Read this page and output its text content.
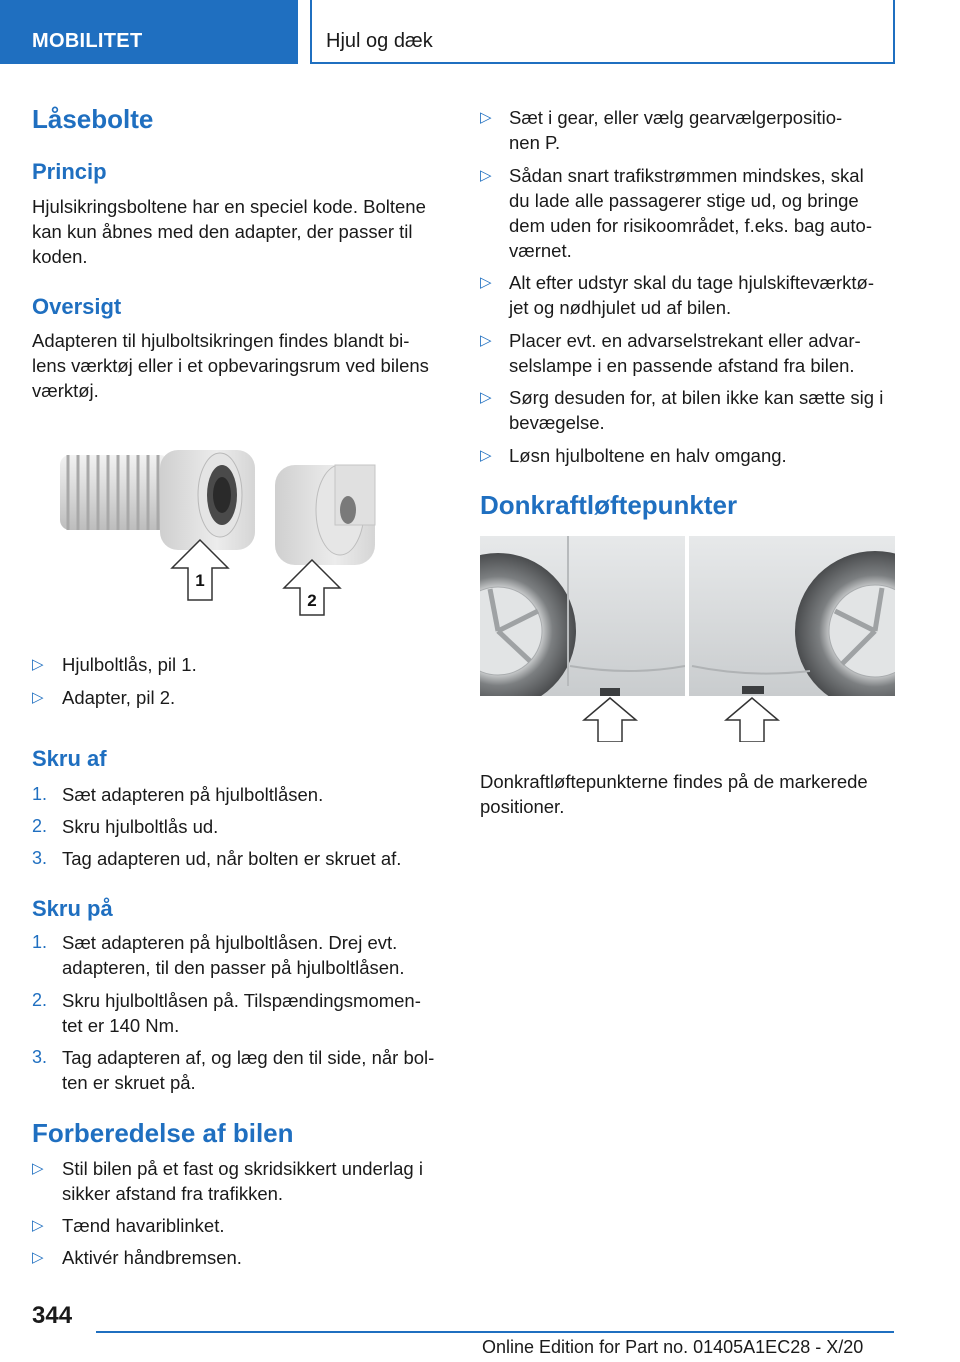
MOBILITET	Hjul og dæk
Låsebolte
Princip
Hjulsikringsboltene har en speciel kode. Boltene
kan kun åbnes med den adapter, der passer til
koden.
Oversigt
Adapteren til hjulboltsikringen findes blandt bi-
lens værktøj eller i et opbevaringsrum ved bilens
værktøj.
1
2
▷ Hjulboltlås, pil 1.
▷ Adapter, pil 2.
Skru af
1. Sæt adapteren på hjulboltlåsen.
2. Skru hjulboltlås ud.
3. Tag adapteren ud, når bolten er skruet af.
Skru på
1. Sæt adapteren på hjulboltlåsen. Drej evt.
adapteren, til den passer på hjulboltlåsen.
2. Skru hjulboltlåsen på. Tilspændingsmomen-
tet er 140 Nm.
3. Tag adapteren af, og læg den til side, når bol-
ten er skruet på.
Forberedelse af bilen
▷ Stil bilen på et fast og skridsikkert underlag i
sikker afstand fra trafikken.
▷ Tænd havariblinket.
▷ Aktivér håndbremsen.
▷ Sæt i gear, eller vælg gearvælgerpositio-
nen P.
▷ Sådan snart trafikstrømmen mindskes, skal
du lade alle passagerer stige ud, og bringe
dem uden for risikoområdet, f.eks. bag auto-
værnet.
▷ Alt efter udstyr skal du tage hjulskifteværktø-
jet og nødhjulet ud af bilen.
▷ Placer evt. en advarselstrekant eller advar-
selslampe i en passende afstand fra bilen.
▷ Sørg desuden for, at bilen ikke kan sætte sig i
bevægelse.
▷ Løsn hjulboltene en halv omgang.
Donkraftløftepunkter
Donkraftløftepunkterne findes på de markerede
positioner.
344
Online Edition for Part no. 01405A1EC28 - X/20
